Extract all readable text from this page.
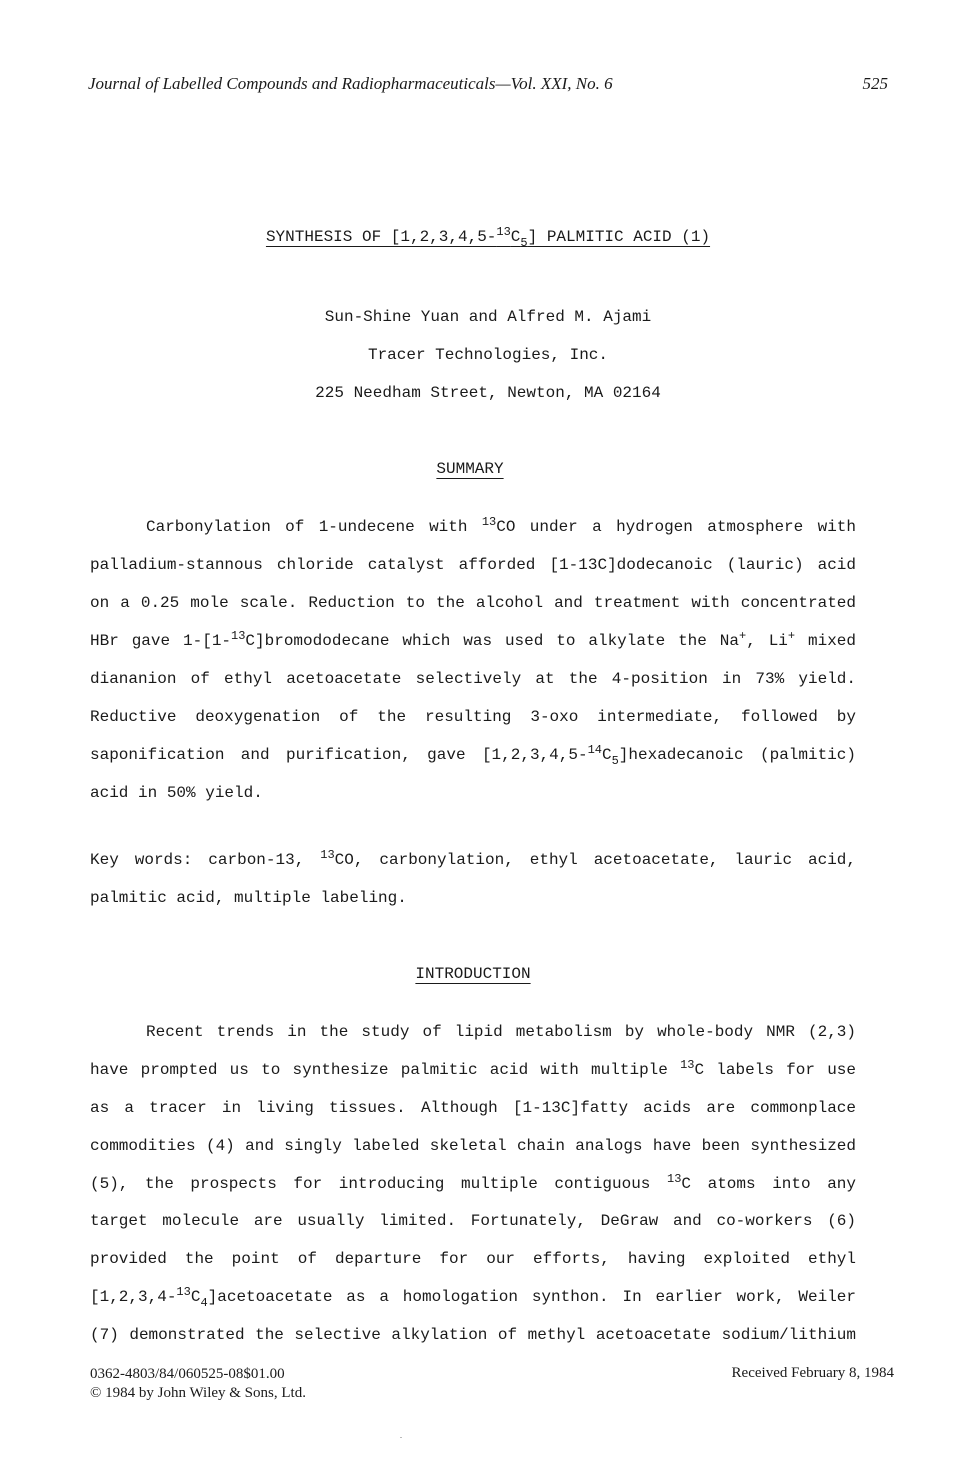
Journal of Labelled Compounds and Radiopharmaceuticals—Vol. XXI, No. 6	525
SYNTHESIS OF $[1,2,3,4,5-^{13}C_5]$ PALMITIC ACID (1)
Sun-Shine Yuan and Alfred M. Ajami
Tracer Technologies, Inc.
225 Needham Street, Newton, MA 02164
SUMMARY
Carbonylation of 1-undecene with $^{13}$CO under a hydrogen atmosphere with
palladium-stannous chloride catalyst afforded [1-13C]dodecanoic (lauric) acid
on a 0.25 mole scale. Reduction to the alcohol and treatment with concentrated
HBr gave 1-[1-$^{13}$C]bromododecane which was used to alkylate the Na+, Li+ mixed
diananion of ethyl acetoacetate selectively at the 4-position in 73% yield.
Reductive deoxygenation of the resulting 3-oxo intermediate, followed by
saponification and purification, gave $[1,2,3,4,5-^{14}C_5]hexadecanoic$ (palmitic)
acid in 50% yield.
Key words: carbon-13, $^{13}$CO, carbonylation, ethyl acetoacetate, lauric acid,
palmitic acid, multiple labeling.
INTRODUCTION
Recent trends in the study of lipid metabolism by whole-body NMR (2,3)
have prompted us to synthesize palmitic acid with multiple $^{13}$C labels for use
as a tracer in living tissues. Although [1-13C]fatty acids are commonplace
commodities (4) and singly labeled skeletal chain analogs have been synthesized
(5), the prospects for introducing multiple contiguous $^{13}$C atoms into any
target molecule are usually limited. Fortunately, DeGraw and co-workers (6)
provided the point of departure for our efforts, having exploited ethyl
$[1,2,3,4-^{13}C_4]acetoacetate$ as a homologation synthon. In earlier work, Weiler
(7) demonstrated the selective alkylation of methyl acetoacetate sodium/lithium
0362-4803/84/060525-08$01.00
© 1984 by John Wiley & Sons, Ltd.
Received February 8, 1984
